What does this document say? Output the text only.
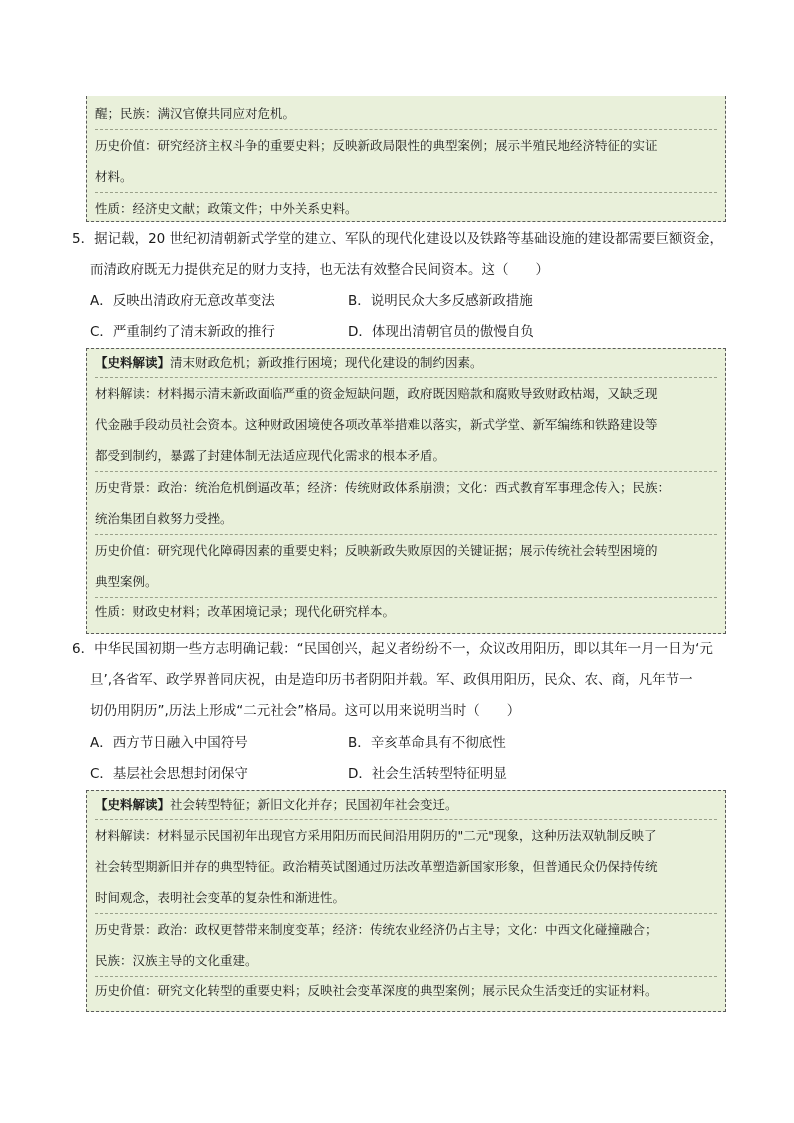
醒；民族：满汉官僚共同应对危机。
历史价值：研究经济主权斗争的重要史料；反映新政局限性的典型案例；展示半殖民地经济特征的实证
材料。
性质：经济史文献；政策文件；中外关系史料。
5．据记载，20 世纪初清朝新式学堂的建立、军队的现代化建设以及铁路等基础设施的建设都需要巨额资金，
而清政府既无力提供充足的财力支持，也无法有效整合民间资本。这（　　）
A．反映出清政府无意改革变法	B．说明民众大多反感新政措施
C．严重制约了清末新政的推行	D．体现出清朝官员的傲慢自负
【史料解读】清末财政危机；新政推行困境；现代化建设的制约因素。
材料解读：材料揭示清末新政面临严重的资金短缺问题，政府既因赔款和腐败导致财政枯竭，又缺乏现
代金融手段动员社会资本。这种财政困境使各项改革举措难以落实，新式学堂、新军编练和铁路建设等
都受到制约，暴露了封建体制无法适应现代化需求的根本矛盾。
历史背景：政治：统治危机倒逼改革；经济：传统财政体系崩溃；文化：西式教育军事理念传入；民族：
统治集团自救努力受挫。
历史价值：研究现代化障碍因素的重要史料；反映新政失败原因的关键证据；展示传统社会转型困境的
典型案例。
性质：财政史材料；改革困境记录；现代化研究样本。
6．中华民国初期一些方志明确记载：“民国创兴，起义者纷纷不一，众议改用阳历，即以其年一月一日为‘元
旦’,各省军、政学界普同庆祝，由是造印历书者阴阳并载。军、政俱用阳历，民众、农、商，凡年节一
切仍用阴历”,历法上形成“二元社会”格局。这可以用来说明当时（　　）
A．西方节日融入中国符号	B．辛亥革命具有不彻底性
C．基层社会思想封闭保守	D．社会生活转型特征明显
【史料解读】社会转型特征；新旧文化并存；民国初年社会变迁。
材料解读：材料显示民国初年出现官方采用阳历而民间沿用阴历的"二元"现象，这种历法双轨制反映了
社会转型期新旧并存的典型特征。政治精英试图通过历法改革塑造新国家形象，但普通民众仍保持传统
时间观念，表明社会变革的复杂性和渐进性。
历史背景：政治：政权更替带来制度变革；经济：传统农业经济仍占主导；文化：中西文化碰撞融合；
民族：汉族主导的文化重建。
历史价值：研究文化转型的重要史料；反映社会变革深度的典型案例；展示民众生活变迁的实证材料。
